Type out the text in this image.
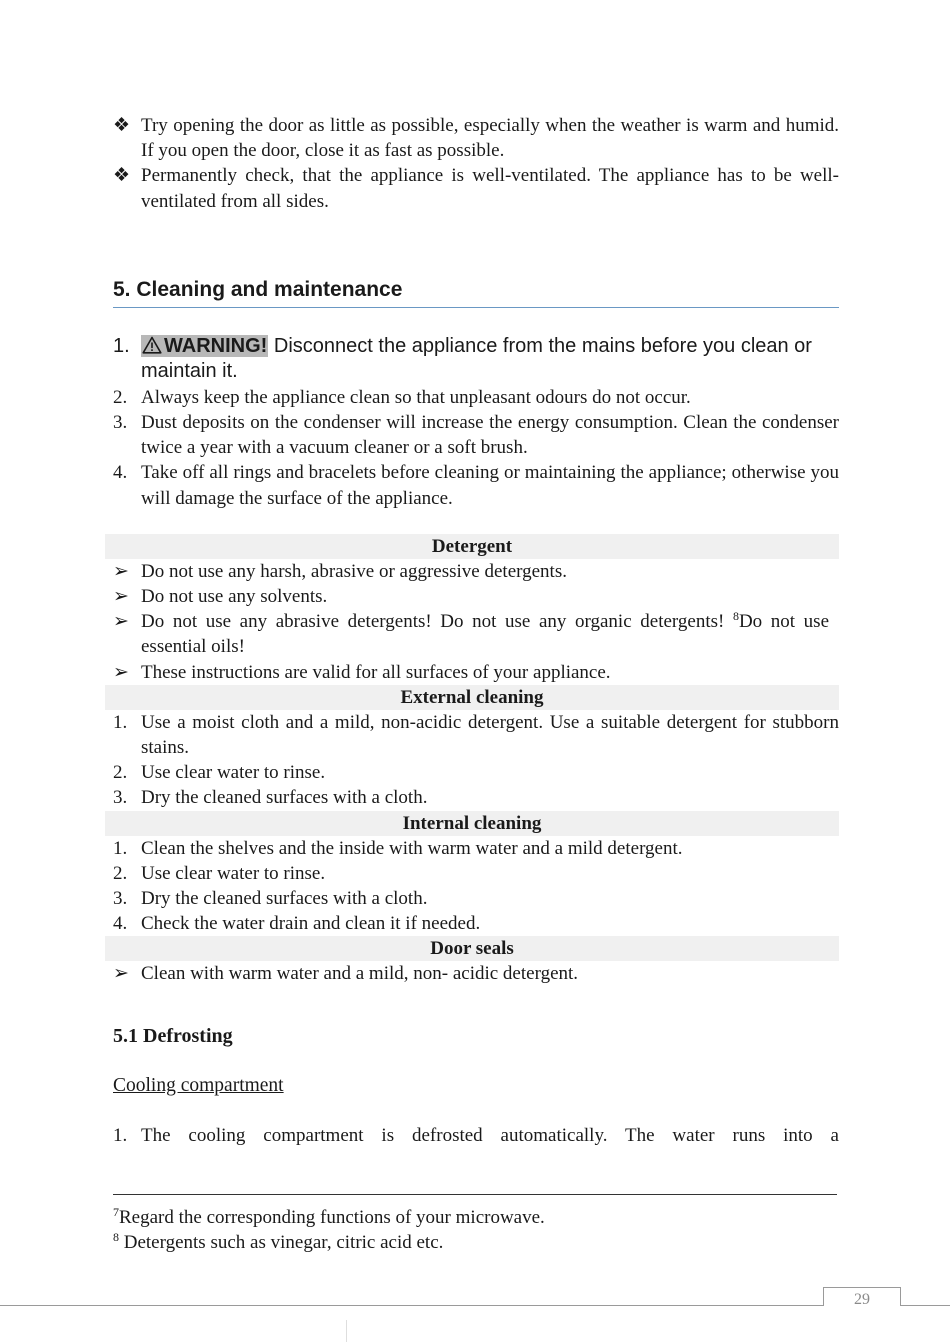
❖ Try opening the door as little as possible, especially when the weather is warm and humid. If you open the door, close it as fast as possible.
❖ Permanently check, that the appliance is well-ventilated. The appliance has to be well-ventilated from all sides.
5. Cleaning and maintenance
1. WARNING! Disconnect the appliance from the mains before you clean or maintain it.
2. Always keep the appliance clean so that unpleasant odours do not occur.
3. Dust deposits on the condenser will increase the energy consumption. Clean the condenser twice a year with a vacuum cleaner or a soft brush.
4. Take off all rings and bracelets before cleaning or maintaining the appliance; otherwise you will damage the surface of the appliance.
Detergent
➢ Do not use any harsh, abrasive or aggressive detergents.
➢ Do not use any solvents.
➢ Do not use any abrasive detergents! Do not use any organic detergents! $^8$Do not use essential oils!
➢ These instructions are valid for all surfaces of your appliance.
External cleaning
1. Use a moist cloth and a mild, non-acidic detergent. Use a suitable detergent for stubborn stains.
2. Use clear water to rinse.
3. Dry the cleaned surfaces with a cloth.
Internal cleaning
1. Clean the shelves and the inside with warm water and a mild detergent.
2. Use clear water to rinse.
3. Dry the cleaned surfaces with a cloth.
4. Check the water drain and clean it if needed.
Door seals
➢ Clean with warm water and a mild, non- acidic detergent.
5.1 Defrosting
Cooling compartment
1. The cooling compartment is defrosted automatically. The water runs into a
$^7$Regard the corresponding functions of your microwave.
$^8$ Detergents such as vinegar, citric acid etc.
29
